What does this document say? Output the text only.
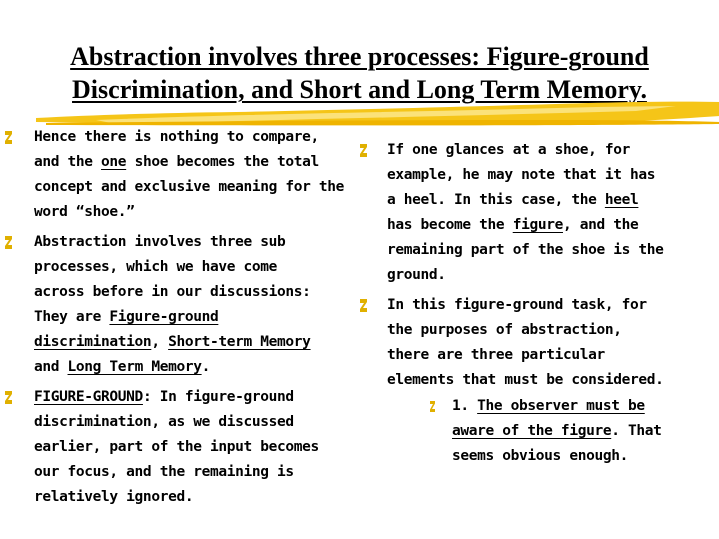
Abstraction involves three processes: Figure-ground
Discrimination, and Short and Long Term Memory.
Hence there is nothing to compare,
and the one shoe becomes the total
concept and exclusive meaning for the
word “shoe.”
Abstraction involves three sub
processes, which we have come
across before in our discussions:
They are Figure-ground
discrimination, Short-term Memory
and Long Term Memory.
FIGURE-GROUND: In figure-ground
discrimination, as we discussed
earlier, part of the input becomes
our focus, and the remaining is
relatively ignored.
If one glances at a shoe, for
example, he may note that it has
a heel. In this case, the heel
has become the figure, and the
remaining part of the shoe is the
ground.
In this figure-ground task, for
the purposes of abstraction,
there are three particular
elements that must be considered.
1. The observer must be
aware of the figure. That
seems obvious enough.
